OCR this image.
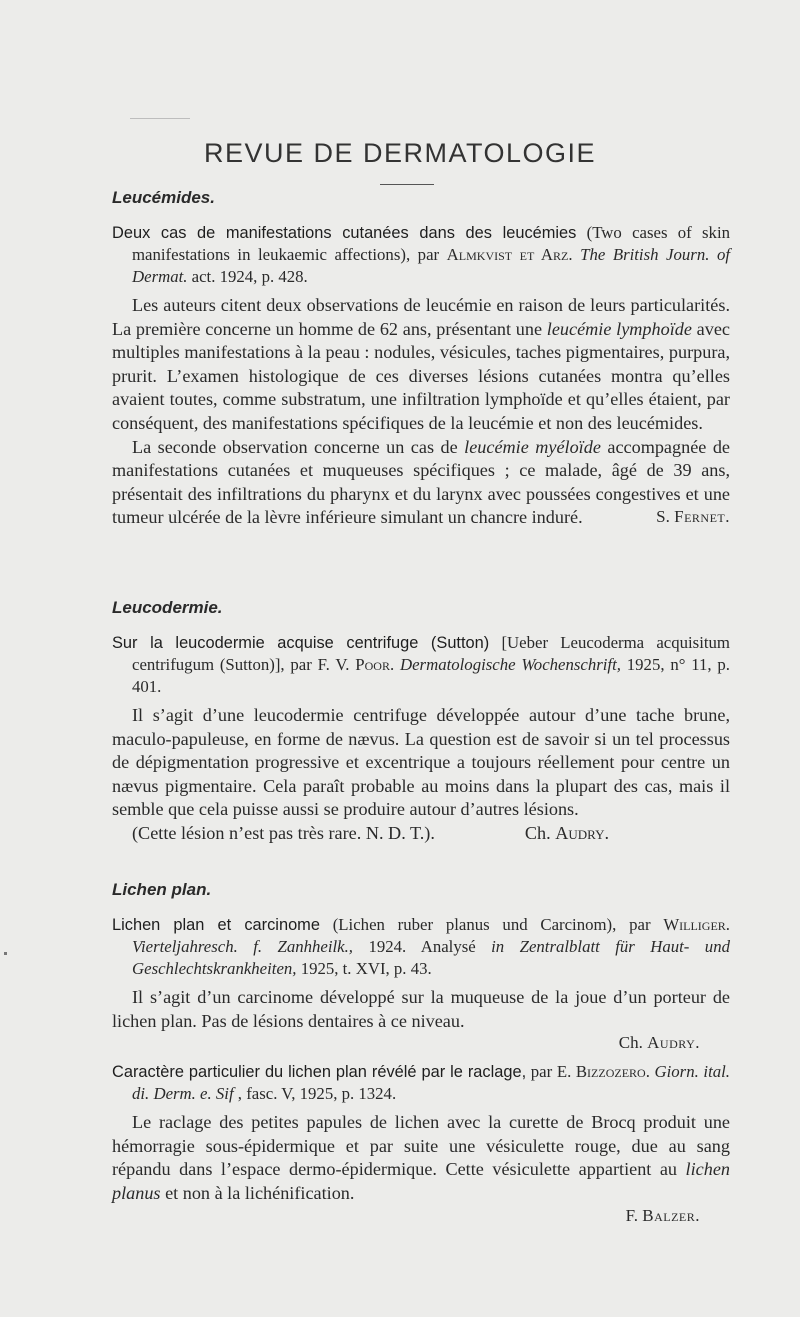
REVUE DE DERMATOLOGIE

Leucémides.

Deux cas de manifestations cutanées dans des leucémies (Two cases of skin manifestations in leukaemic affections), par Almkvist et Arz. The British Journ. of Dermat. act. 1924, p. 428.

Les auteurs citent deux observations de leucémie en raison de leurs particularités. La première concerne un homme de 62 ans, présentant une leucémie lymphoïde avec multiples manifestations à la peau : nodules, vésicules, taches pigmentaires, purpura, prurit. L’examen histologique de ces diverses lésions cutanées montra qu’elles avaient toutes, comme substratum, une infiltration lymphoïde et qu’elles étaient, par conséquent, des manifestations spécifiques de la leucémie et non des leucémides.

La seconde observation concerne un cas de leucémie myéloïde accompagnée de manifestations cutanées et muqueuses spécifiques ; ce malade, âgé de 39 ans, présentait des infiltrations du pharynx et du larynx avec poussées congestives et une tumeur ulcérée de la lèvre inférieure simulant un chancre induré.	S. Fernet.

Leucodermie.

Sur la leucodermie acquise centrifuge (Sutton) [Ueber Leucoderma acquisitum centrifugum (Sutton)], par F. V. Poor. Dermatologische Wochenschrift, 1925, n° 11, p. 401.

Il s’agit d’une leucodermie centrifuge développée autour d’une tache brune, maculo-papuleuse, en forme de nævus. La question est de savoir si un tel processus de dépigmentation progressive et excentrique a toujours réellement pour centre un nævus pigmentaire. Cela paraît probable au moins dans la plupart des cas, mais il semble que cela puisse aussi se produire autour d’autres lésions.

(Cette lésion n’est pas très rare. N. D. T.).	Ch. Audry.

Lichen plan.

Lichen plan et carcinome (Lichen ruber planus und Carcinom), par Williger. Vierteljahresch. f. Zanhheilk., 1924. Analysé in Zentralblatt für Haut- und Geschlechtskrankheiten, 1925, t. XVI, p. 43.

Il s’agit d’un carcinome développé sur la muqueuse de la joue d’un porteur de lichen plan. Pas de lésions dentaires à ce niveau.

Ch. Audry.

Caractère particulier du lichen plan révélé par le raclage, par E. Bizzozero. Giorn. ital. di. Derm. e. Sif , fasc. V, 1925, p. 1324.

Le raclage des petites papules de lichen avec la curette de Brocq produit une hémorragie sous-épidermique et par suite une vésiculette rouge, due au sang répandu dans l’espace dermo-épidermique. Cette vésiculette appartient au lichen planus et non à la lichénification.

F. Balzer.
